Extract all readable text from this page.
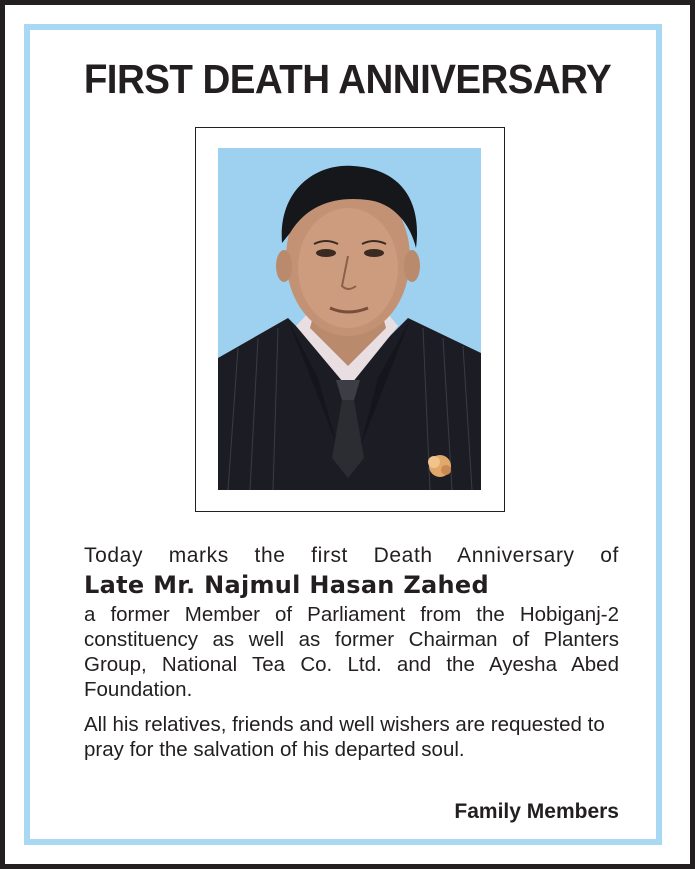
FIRST DEATH ANNIVERSARY
Today marks the first Death Anniversary of
Late Mr. Najmul Hasan Zahed
a former Member of Parliament from the Hobiganj-2 constituency as well as former Chairman of Planters Group, National Tea Co. Ltd. and the Ayesha Abed Foundation.
All his relatives, friends and well wishers are requested to pray for the salvation of his departed soul.
Family Members
